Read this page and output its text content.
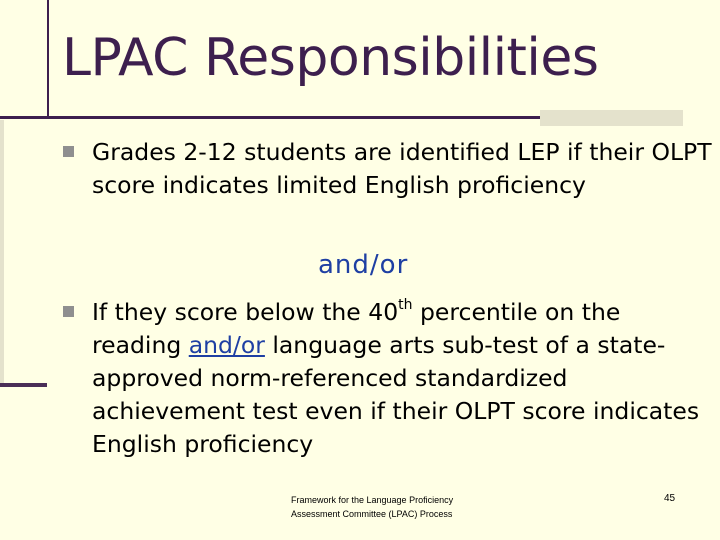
LPAC Responsibilities
Grades 2-12 students are identified LEP if their OLPT score indicates limited English proficiency
and/or
If they score below the 40th percentile on the reading and/or language arts sub-test of a state-approved norm-referenced standardized achievement test even if their OLPT score indicates English proficiency
Framework for the Language Proficiency
Assessment Committee (LPAC) Process
45
